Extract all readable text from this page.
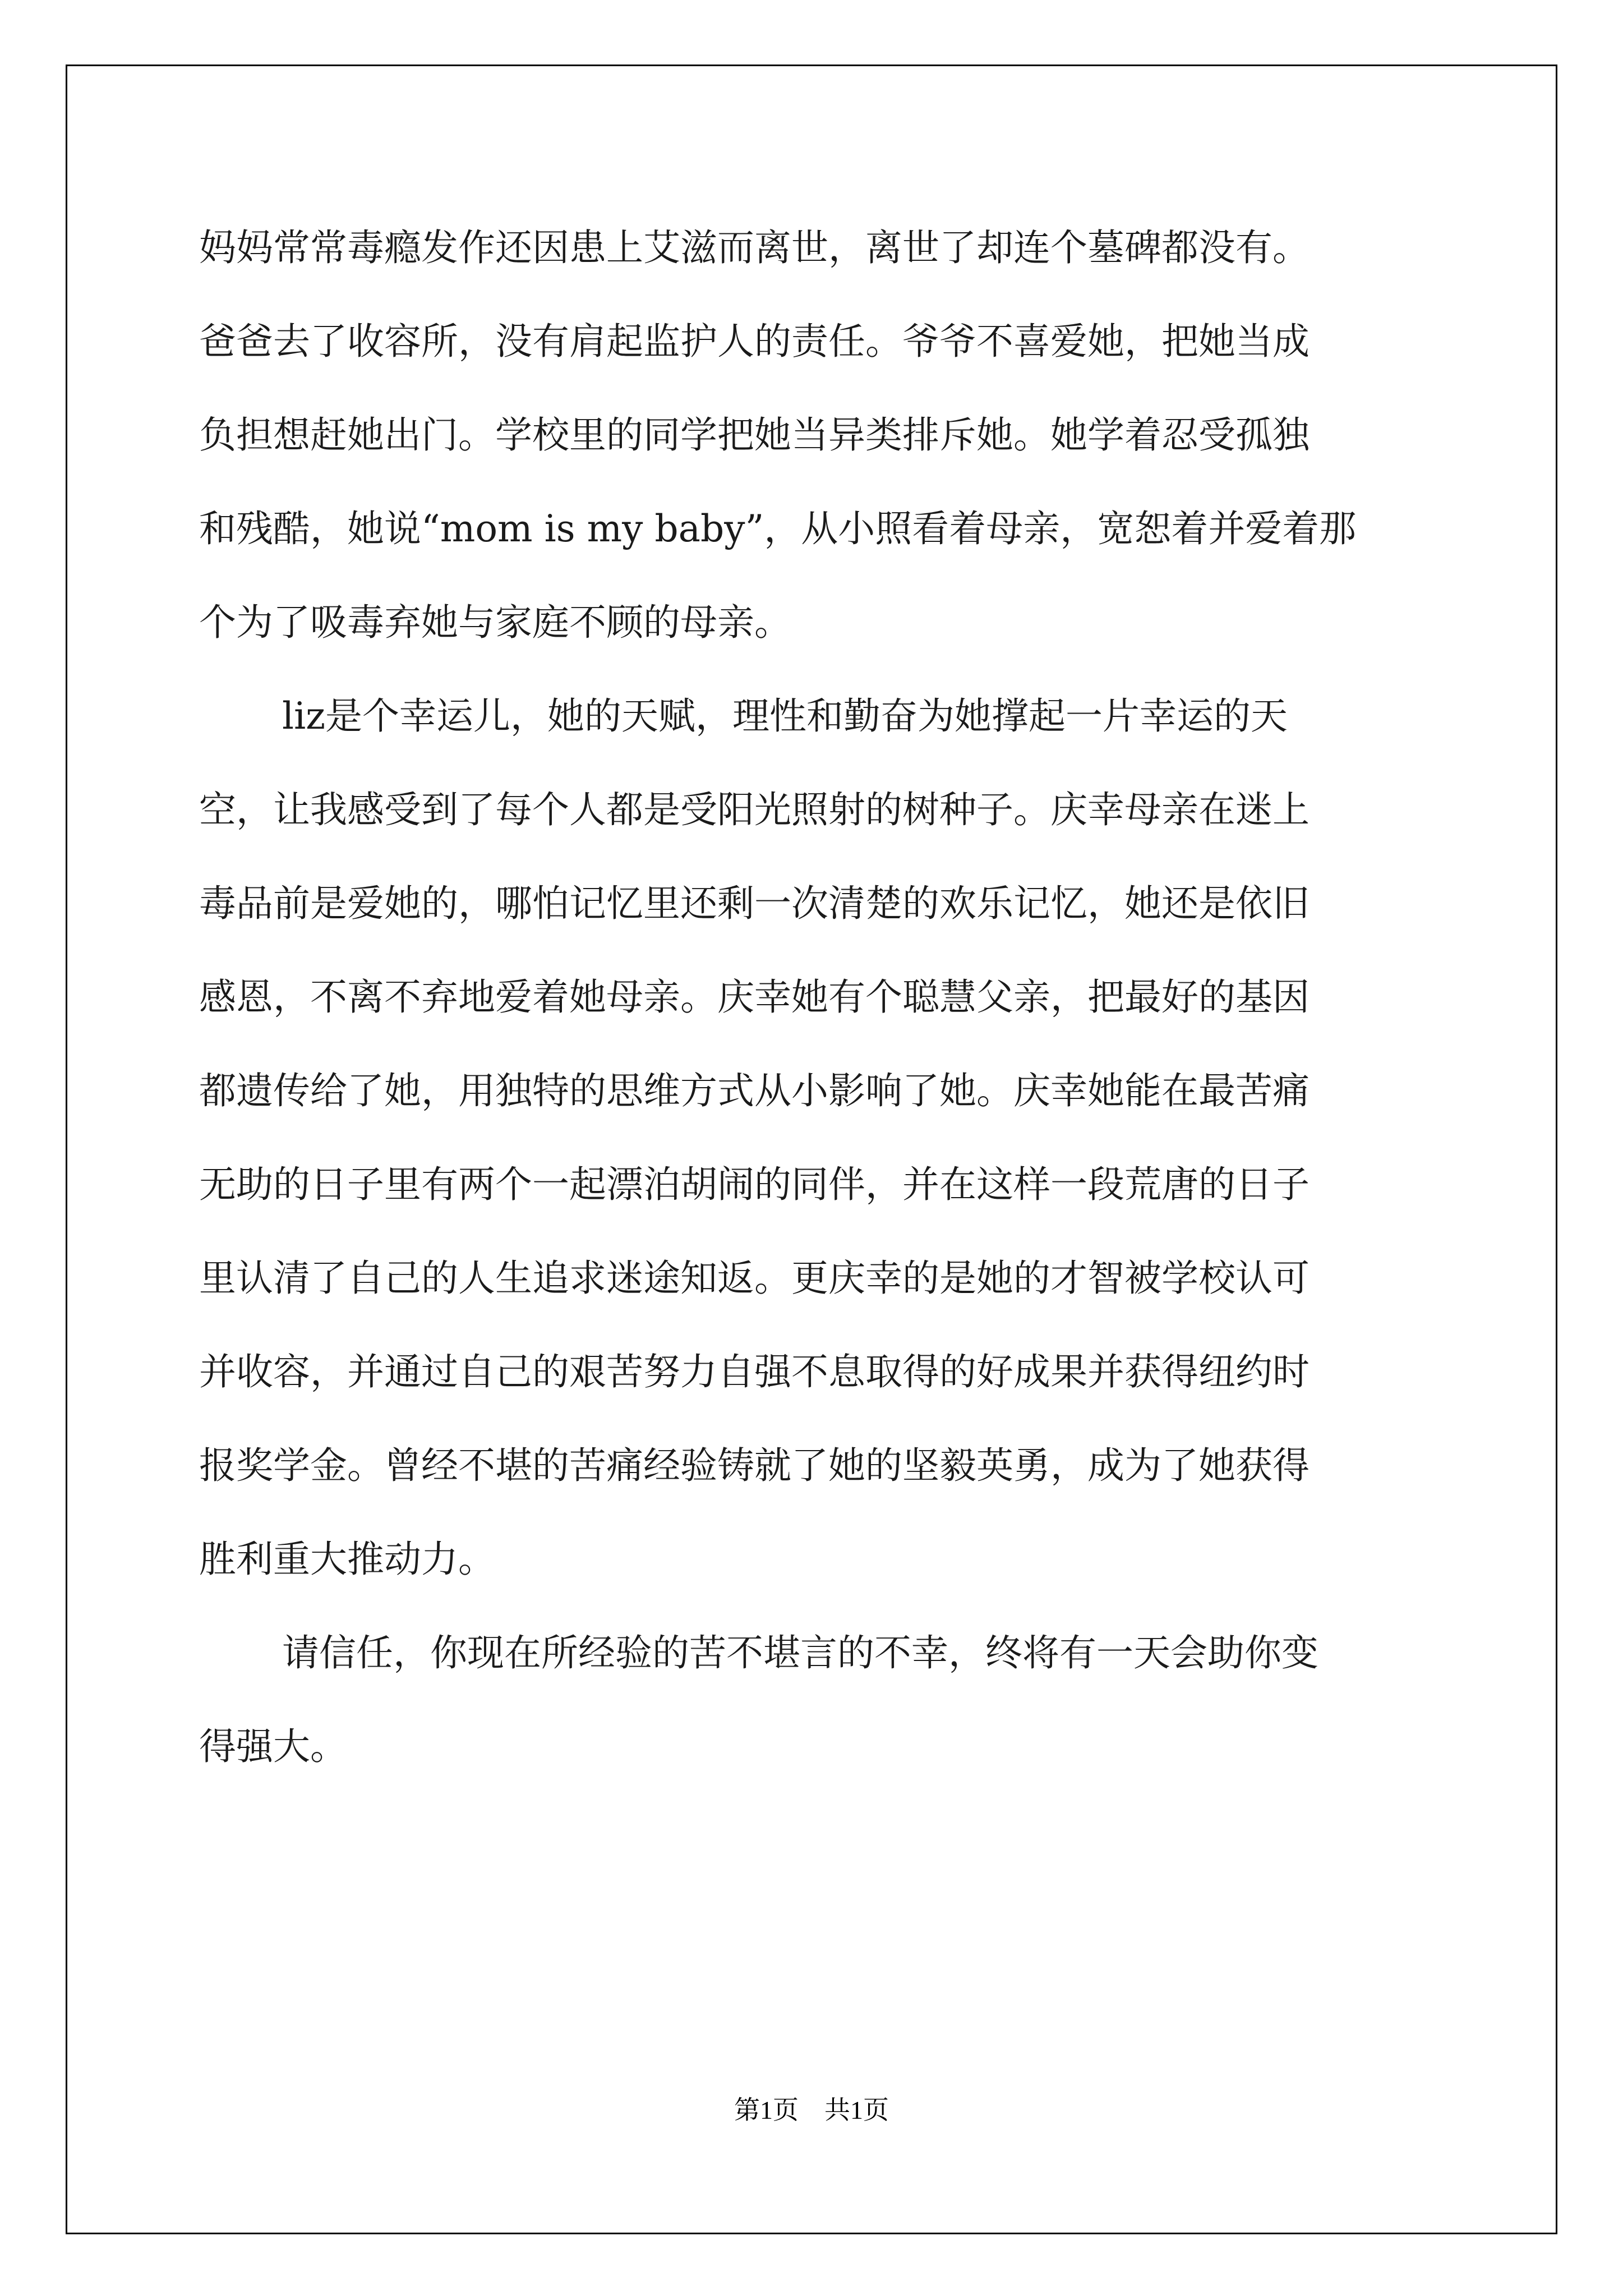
妈妈常常毒瘾发作还因患上艾滋而离世，离世了却连个墓碑都没有。
爸爸去了收容所，没有肩起监护人的责任。爷爷不喜爱她，把她当成
负担想赶她出门。学校里的同学把她当异类排斥她。她学着忍受孤独
和残酷，她说“mom is my baby”，从小照看着母亲，宽恕着并爱着那
个为了吸毒弃她与家庭不顾的母亲。
liz是个幸运儿，她的天赋，理性和勤奋为她撑起一片幸运的天
空，让我感受到了每个人都是受阳光照射的树种子。庆幸母亲在迷上
毒品前是爱她的，哪怕记忆里还剩一次清楚的欢乐记忆，她还是依旧
感恩，不离不弃地爱着她母亲。庆幸她有个聪慧父亲，把最好的基因
都遗传给了她，用独特的思维方式从小影响了她。庆幸她能在最苦痛
无助的日子里有两个一起漂泊胡闹的同伴，并在这样一段荒唐的日子
里认清了自己的人生追求迷途知返。更庆幸的是她的才智被学校认可
并收容，并通过自己的艰苦努力自强不息取得的好成果并获得纽约时
报奖学金。曾经不堪的苦痛经验铸就了她的坚毅英勇，成为了她获得
胜利重大推动力。
请信任，你现在所经验的苦不堪言的不幸，终将有一天会助你变
得强大。
第1页　共1页
